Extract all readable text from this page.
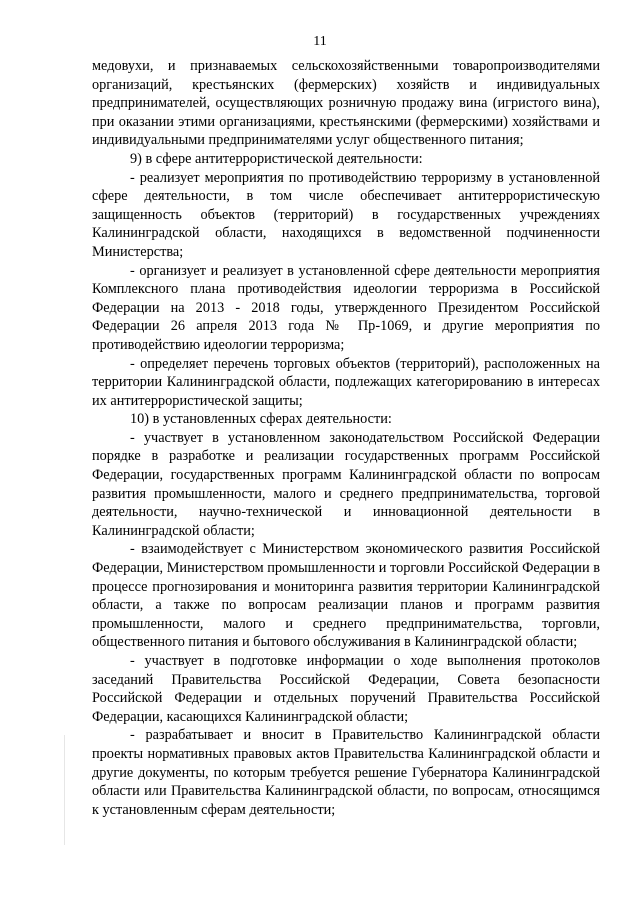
11

медовухи, и признаваемых сельскохозяйственными товаропроизводителями организаций, крестьянских (фермерских) хозяйств и индивидуальных предпринимателей, осуществляющих розничную продажу вина (игристого вина), при оказании этими организациями, крестьянскими (фермерскими) хозяйствами и индивидуальными предпринимателями услуг общественного питания;

9) в сфере антитеррористической деятельности:

- реализует мероприятия по противодействию терроризму в установленной сфере деятельности, в том числе обеспечивает антитеррористическую защищенность объектов (территорий) в государственных учреждениях Калининградской области, находящихся в ведомственной подчиненности Министерства;

- организует и реализует в установленной сфере деятельности мероприятия Комплексного плана противодействия идеологии терроризма в Российской Федерации на 2013 - 2018 годы, утвержденного Президентом Российской Федерации 26 апреля 2013 года № Пр-1069, и другие мероприятия по противодействию идеологии терроризма;

- определяет перечень торговых объектов (территорий), расположенных на территории Калининградской области, подлежащих категорированию в интересах их антитеррористической защиты;

10) в установленных сферах деятельности:

- участвует в установленном законодательством Российской Федерации порядке в разработке и реализации государственных программ Российской Федерации, государственных программ Калининградской области по вопросам развития промышленности, малого и среднего предпринимательства, торговой деятельности, научно-технической и инновационной деятельности в Калининградской области;

- взаимодействует с Министерством экономического развития Российской Федерации, Министерством промышленности и торговли Российской Федерации в процессе прогнозирования и мониторинга развития территории Калининградской области, а также по вопросам реализации планов и программ развития промышленности, малого и среднего предпринимательства, торговли, общественного питания и бытового обслуживания в Калининградской области;

- участвует в подготовке информации о ходе выполнения протоколов заседаний Правительства Российской Федерации, Совета безопасности Российской Федерации и отдельных поручений Правительства Российской Федерации, касающихся Калининградской области;

- разрабатывает и вносит в Правительство Калининградской области проекты нормативных правовых актов Правительства Калининградской области и другие документы, по которым требуется решение Губернатора Калининградской области или Правительства Калининградской области, по вопросам, относящимся к установленным сферам деятельности;
